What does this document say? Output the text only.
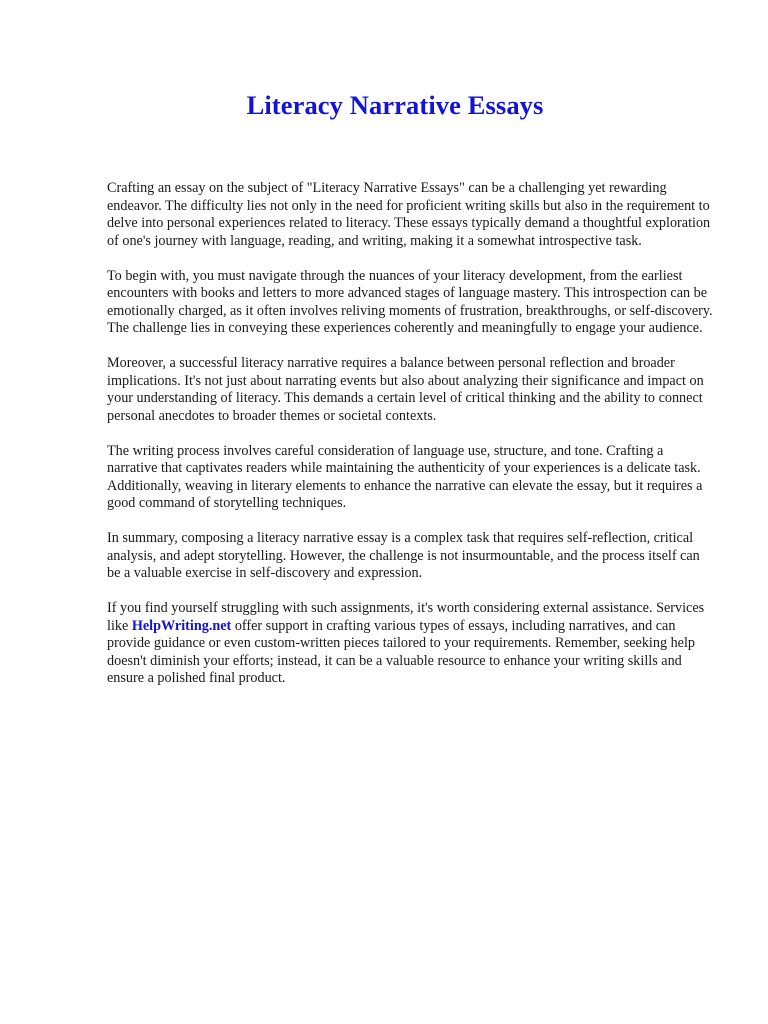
Literacy Narrative Essays

Crafting an essay on the subject of "Literacy Narrative Essays" can be a challenging yet rewarding endeavor. The difficulty lies not only in the need for proficient writing skills but also in the requirement to delve into personal experiences related to literacy. These essays typically demand a thoughtful exploration of one's journey with language, reading, and writing, making it a somewhat introspective task.

To begin with, you must navigate through the nuances of your literacy development, from the earliest encounters with books and letters to more advanced stages of language mastery. This introspection can be emotionally charged, as it often involves reliving moments of frustration, breakthroughs, or self-discovery. The challenge lies in conveying these experiences coherently and meaningfully to engage your audience.

Moreover, a successful literacy narrative requires a balance between personal reflection and broader implications. It's not just about narrating events but also about analyzing their significance and impact on your understanding of literacy. This demands a certain level of critical thinking and the ability to connect personal anecdotes to broader themes or societal contexts.

The writing process involves careful consideration of language use, structure, and tone. Crafting a narrative that captivates readers while maintaining the authenticity of your experiences is a delicate task. Additionally, weaving in literary elements to enhance the narrative can elevate the essay, but it requires a good command of storytelling techniques.

In summary, composing a literacy narrative essay is a complex task that requires self-reflection, critical analysis, and adept storytelling. However, the challenge is not insurmountable, and the process itself can be a valuable exercise in self-discovery and expression.

If you find yourself struggling with such assignments, it's worth considering external assistance. Services like HelpWriting.net offer support in crafting various types of essays, including narratives, and can provide guidance or even custom-written pieces tailored to your requirements. Remember, seeking help doesn't diminish your efforts; instead, it can be a valuable resource to enhance your writing skills and ensure a polished final product.
